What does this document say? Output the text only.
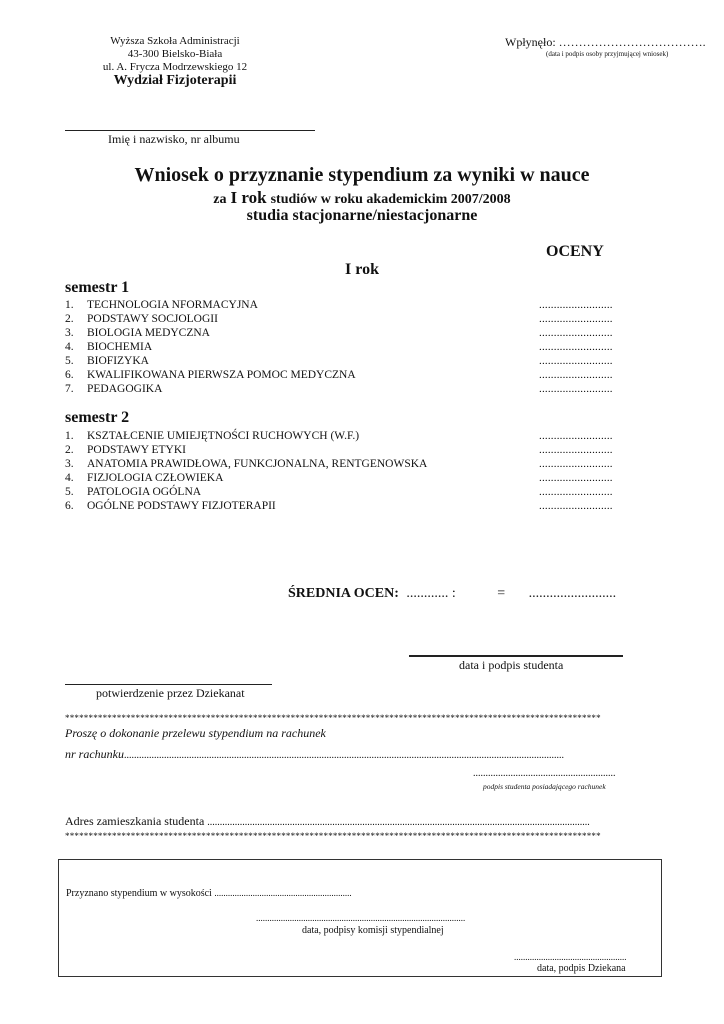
Wyższa Szkoła Administracji
43-300 Bielsko-Biała
ul. A. Frycza Modrzewskiego 12
Wydział Fizjoterapii
Wpłynęło: ……………………………….
(data i podpis osoby przyjmującej wniosek)
Imię i nazwisko, nr albumu
Wniosek o przyznanie stypendium za wyniki w nauce
za I rok studiów w roku akademickim 2007/2008
studia stacjonarne/niestacjonarne
OCENY
I rok
semestr 1
1. TECHNOLOGIA NFORMACYJNA	.........................
2. PODSTAWY SOCJOLOGII	.........................
3. BIOLOGIA MEDYCZNA	.........................
4. BIOCHEMIA	.........................
5. BIOFIZYKA	.........................
6. KWALIFIKOWANA PIERWSZA POMOC MEDYCZNA	.........................
7. PEDAGOGIKA	.........................
semestr 2
1. KSZTAŁCENIE UMIEJĘTNOŚCI RUCHOWYCH (W.F.)	.........................
2. PODSTAWY ETYKI	.........................
3. ANATOMIA PRAWIDŁOWA, FUNKCJONALNA, RENTGENOWSKA	.........................
4. FIZJOLOGIA CZŁOWIEKA	.........................
5. PATOLOGIA OGÓLNA	.........................
6. OGÓLNE PODSTAWY FIZJOTERAPII	.........................
ŚREDNIA OCEN: ............ :	= .........................
data i podpis studenta
potwierdzenie przez Dziekanat
******************************************************************************************************************
Proszę o dokonanie przelewu stypendium na rachunek
nr rachunku................................................................................................................................................................................
.........................................................
podpis studenta posiadającego rachunek
Adres zamieszkania studenta .........................................................................................................................................................
******************************************************************************************************************
Przyznano stypendium w wysokości .............................................................
.............................................................................................
data, podpisy komisji stypendialnej
..................................................
data, podpis Dziekana
